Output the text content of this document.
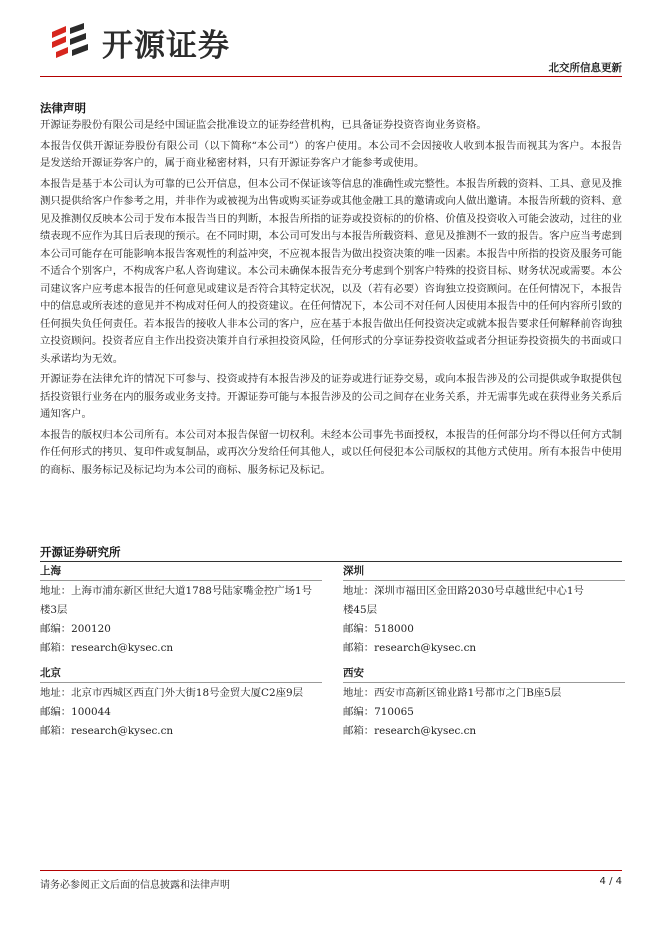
开源证券
北交所信息更新
法律声明

开源证券股份有限公司是经中国证监会批准设立的证券经营机构，已具备证券投资咨询业务资格。

本报告仅供开源证券股份有限公司（以下简称“本公司”）的客户使用。本公司不会因接收人收到本报告而视其为客户。本报告是发送给开源证券客户的，属于商业秘密材料，只有开源证券客户才能参考或使用。

本报告是基于本公司认为可靠的已公开信息，但本公司不保证该等信息的准确性或完整性。本报告所载的资料、工具、意见及推测只提供给客户作参考之用，并非作为或被视为出售或购买证券或其他金融工具的邀请或向人做出邀请。本报告所载的资料、意见及推测仅反映本公司于发布本报告当日的判断，本报告所指的证券或投资标的的价格、价值及投资收入可能会波动，过往的业绩表现不应作为其日后表现的预示。在不同时期，本公司可发出与本报告所载资料、意见及推测不一致的报告。客户应当考虑到本公司可能存在可能影响本报告客观性的利益冲突，不应视本报告为做出投资决策的唯一因素。本报告中所指的投资及服务可能不适合个别客户，不构成客户私人咨询建议。本公司未确保本报告充分考虑到个别客户特殊的投资目标、财务状况或需要。本公司建议客户应考虑本报告的任何意见或建议是否符合其特定状况，以及（若有必要）咨询独立投资顾问。在任何情况下，本报告中的信息或所表述的意见并不构成对任何人的投资建议。在任何情况下，本公司不对任何人因使用本报告中的任何内容所引致的任何损失负任何责任。若本报告的接收人非本公司的客户，应在基于本报告做出任何投资决定或就本报告要求任何解释前咨询独立投资顾问。投资者应自主作出投资决策并自行承担投资风险，任何形式的分享证券投资收益或者分担证券投资损失的书面或口头承诺均为无效。

开源证券在法律允许的情况下可参与、投资或持有本报告涉及的证券或进行证券交易，或向本报告涉及的公司提供或争取提供包括投资银行业务在内的服务或业务支持。开源证券可能与本报告涉及的公司之间存在业务关系，并无需事先或在获得业务关系后通知客户。

本报告的版权归本公司所有。本公司对本报告保留一切权利。未经本公司事先书面授权，本报告的任何部分均不得以任何方式制作任何形式的拷贝、复印件或复制品，或再次分发给任何其他人，或以任何侵犯本公司版权的其他方式使用。所有本报告中使用的商标、服务标记及标记均为本公司的商标、服务标记及标记。

开源证券研究所
上海
地址：上海市浦东新区世纪大道1788号陆家嘴金控广场1号
楼3层
邮编：200120
邮箱：research@kysec.cn
深圳
地址：深圳市福田区金田路2030号卓越世纪中心1号
楼45层
邮编：518000
邮箱：research@kysec.cn
北京
地址：北京市西城区西直门外大街18号金贸大厦C2座9层
邮编：100044
邮箱：research@kysec.cn
西安
地址：西安市高新区锦业路1号都市之门B座5层
邮编：710065
邮箱：research@kysec.cn
请务必参阅正文后面的信息披露和法律声明	4 / 4
